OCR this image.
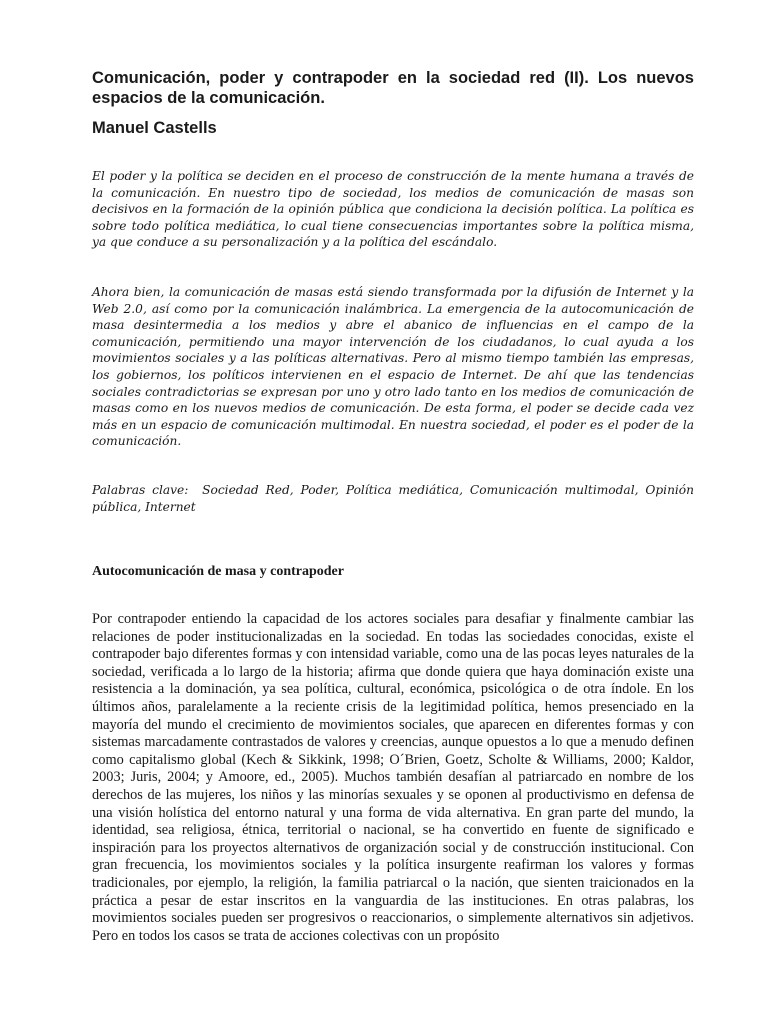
Comunicación, poder y contrapoder en la sociedad red (II). Los nuevos espacios de la comunicación.
Manuel Castells

El poder y la política se deciden en el proceso de construcción de la mente humana a través de la comunicación. En nuestro tipo de sociedad, los medios de comunicación de masas son decisivos en la formación de la opinión pública que condiciona la decisión política. La política es sobre todo política mediática, lo cual tiene consecuencias importantes sobre la política misma, ya que conduce a su personalización y a la política del escándalo.

Ahora bien, la comunicación de masas está siendo transformada por la difusión de Internet y la Web 2.0, así como por la comunicación inalámbrica. La emergencia de la autocomunicación de masa desintermedia a los medios y abre el abanico de influencias en el campo de la comunicación, permitiendo una mayor intervención de los ciudadanos, lo cual ayuda a los movimientos sociales y a las políticas alternativas. Pero al mismo tiempo también las empresas, los gobiernos, los políticos intervienen en el espacio de Internet. De ahí que las tendencias sociales contradictorias se expresan por uno y otro lado tanto en los medios de comunicación de masas como en los nuevos medios de comunicación. De esta forma, el poder se decide cada vez más en un espacio de comunicación multimodal. En nuestra sociedad, el poder es el poder de la comunicación.

Palabras clave:  Sociedad Red, Poder, Política mediática, Comunicación multimodal, Opinión pública, Internet

Autocomunicación de masa y contrapoder

Por contrapoder entiendo la capacidad de los actores sociales para desafiar y finalmente cambiar las relaciones de poder institucionalizadas en la sociedad. En todas las sociedades conocidas, existe el contrapoder bajo diferentes formas y con intensidad variable, como una de las pocas leyes naturales de la sociedad, verificada a lo largo de la historia; afirma que donde quiera que haya dominación existe una resistencia a la dominación, ya sea política, cultural, económica, psicológica o de otra índole. En los últimos años, paralelamente a la reciente crisis de la legitimidad política, hemos presenciado en la mayoría del mundo el crecimiento de movimientos sociales, que aparecen en diferentes formas y con sistemas marcadamente contrastados de valores y creencias, aunque opuestos a lo que a menudo definen como capitalismo global (Kech & Sikkink, 1998; O´Brien, Goetz, Scholte & Williams, 2000; Kaldor, 2003; Juris, 2004; y Amoore, ed., 2005). Muchos también desafían al patriarcado en nombre de los derechos de las mujeres, los niños y las minorías sexuales y se oponen al productivismo en defensa de una visión holística del entorno natural y una forma de vida alternativa. En gran parte del mundo, la identidad, sea religiosa, étnica, territorial o nacional, se ha convertido en fuente de significado e inspiración para los proyectos alternativos de organización social y de construcción institucional. Con gran frecuencia, los movimientos sociales y la política insurgente reafirman los valores y formas tradicionales, por ejemplo, la religión, la familia patriarcal o la nación, que sienten traicionados en la práctica a pesar de estar inscritos en la vanguardia de las instituciones. En otras palabras, los movimientos sociales pueden ser progresivos o reaccionarios, o simplemente alternativos sin adjetivos. Pero en todos los casos se trata de acciones colectivas con un propósito
